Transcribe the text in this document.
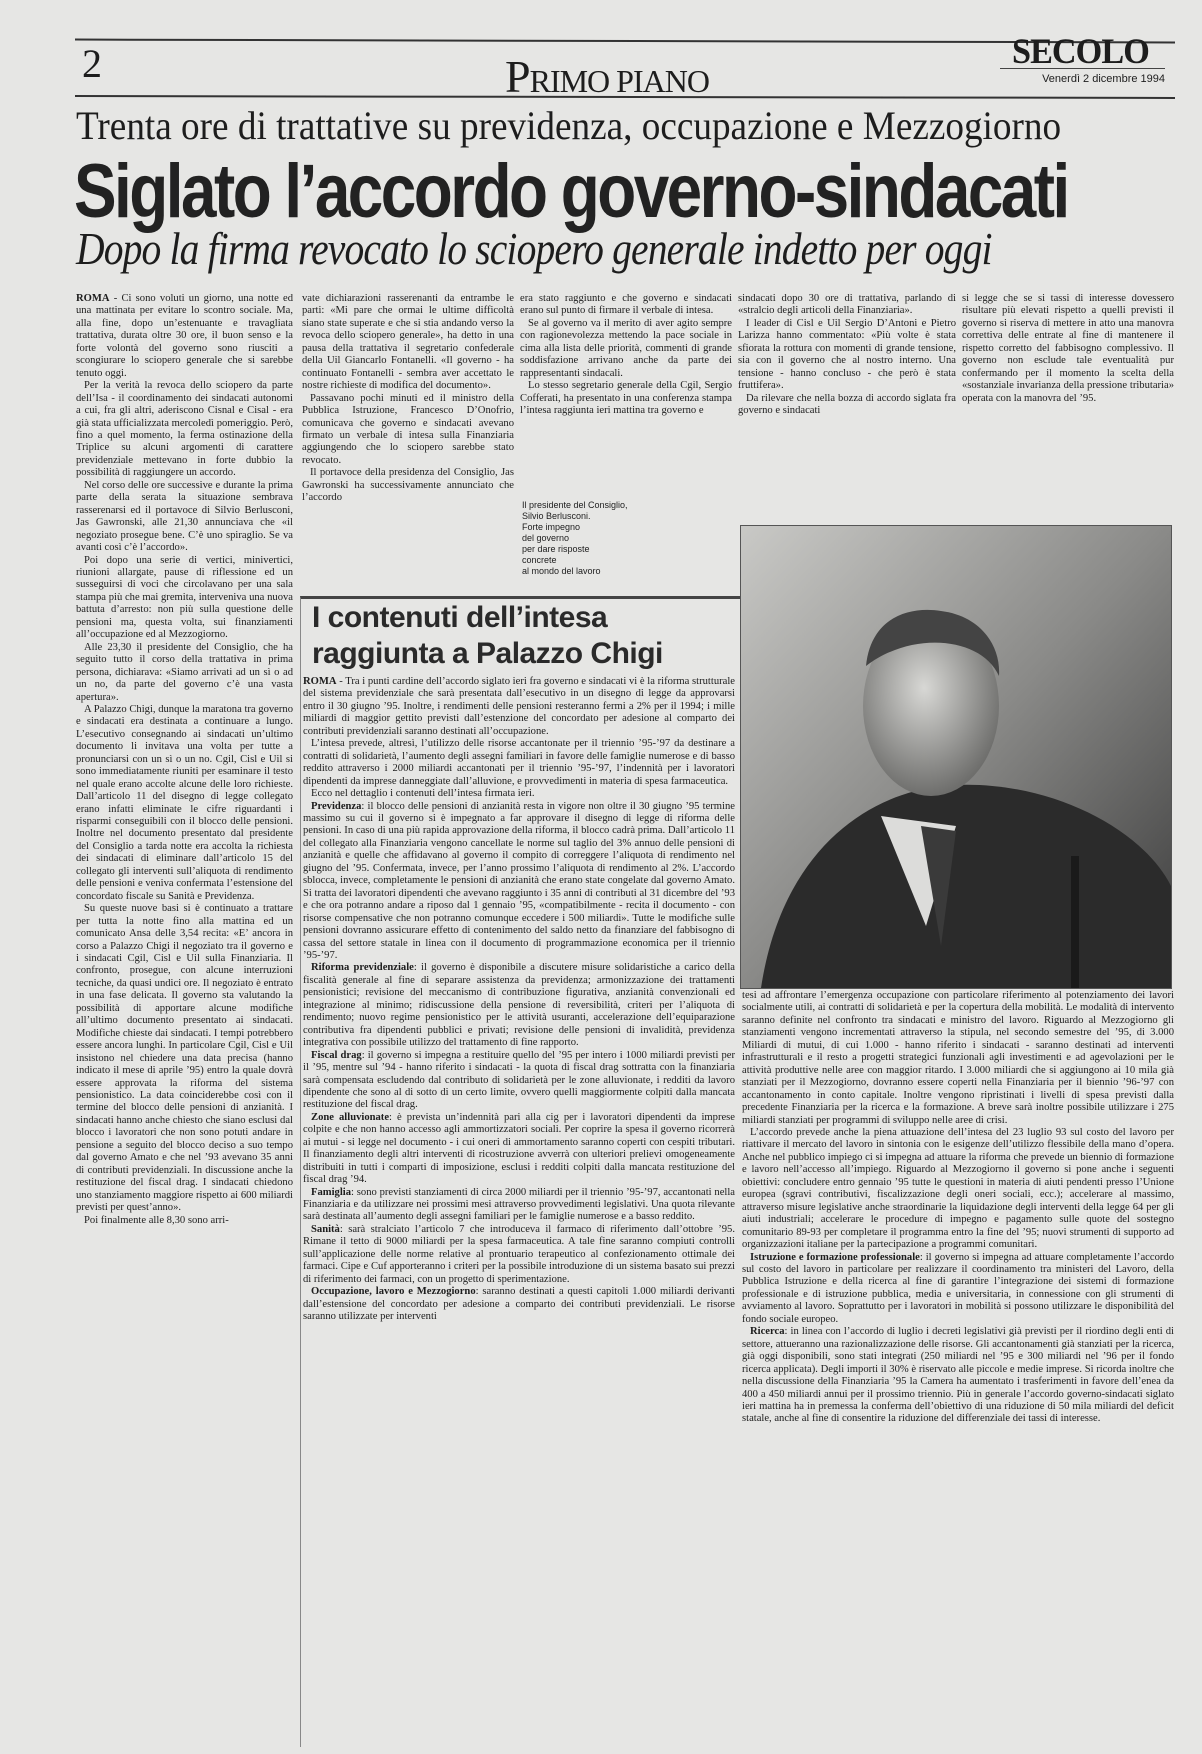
2	PRIMO PIANO
SECOLO
Venerdì 2 dicembre 1994
Trenta ore di trattative su previdenza, occupazione e Mezzogiorno
Siglato l’accordo governo-sindacati
Dopo la firma revocato lo sciopero generale indetto per oggi

ROMA - Ci sono voluti un giorno, una notte ed una mattinata per evitare lo scontro sociale. Ma, alla fine, dopo un’estenuante e travagliata trattativa, durata oltre 30 ore, il buon senso e la forte volontà del governo sono riusciti a scongiurare lo sciopero generale che si sarebbe tenuto oggi.

Per la verità la revoca dello sciopero da parte dell’Isa - il coordinamento dei sindacati autonomi a cui, fra gli altri, aderiscono Cisnal e Cisal - era già stata ufficializzata mercoledì pomeriggio. Però, fino a quel momento, la ferma ostinazione della Triplice su alcuni argomenti di carattere previdenziale mettevano in forte dubbio la possibilità di raggiungere un accordo.

Nel corso delle ore successive e durante la prima parte della serata la situazione sembrava rasserenarsi ed il portavoce di Silvio Berlusconi, Jas Gawronski, alle 21,30 annunciava che «il negoziato prosegue bene. C’è uno spiraglio. Se va avanti così c’è l’accordo».

Poi dopo una serie di vertici, minivertici, riunioni allargate, pause di riflessione ed un susseguirsi di voci che circolavano per una sala stampa più che mai gremita, interveniva una nuova battuta d’arresto: non più sulla questione delle pensioni ma, questa volta, sui finanziamenti all’occupazione ed al Mezzogiorno.

Alle 23,30 il presidente del Consiglio, che ha seguito tutto il corso della trattativa in prima persona, dichiarava: «Siamo arrivati ad un sì o ad un no, da parte del governo c’è una vasta apertura».

A Palazzo Chigi, dunque la maratona tra governo e sindacati era destinata a continuare a lungo. L’esecutivo consegnando ai sindacati un’ultimo documento li invitava una volta per tutte a pronunciarsi con un sì o un no. Cgil, Cisl e Uil si sono immediatamente riuniti per esaminare il testo nel quale erano accolte alcune delle loro richieste. Dall’articolo 11 del disegno di legge collegato erano infatti eliminate le cifre riguardanti i risparmi conseguibili con il blocco delle pensioni. Inoltre nel documento presentato dal presidente del Consiglio a tarda notte era accolta la richiesta dei sindacati di eliminare dall’articolo 15 del collegato gli interventi sull’aliquota di rendimento delle pensioni e veniva confermata l’estensione del concordato fiscale su Sanità e Previdenza.

Su queste nuove basi si è continuato a trattare per tutta la notte fino alla mattina ed un comunicato Ansa delle 3,54 recita: «E’ ancora in corso a Palazzo Chigi il negoziato tra il governo e i sindacati Cgil, Cisl e Uil sulla Finanziaria. Il confronto, prosegue, con alcune interruzioni tecniche, da quasi undici ore. Il negoziato è entrato in una fase delicata. Il governo sta valutando la possibilità di apportare alcune modifiche all’ultimo documento presentato ai sindacati. Modifiche chieste dai sindacati. I tempi potrebbero essere ancora lunghi. In particolare Cgil, Cisl e Uil insistono nel chiedere una data precisa (hanno indicato il mese di aprile ’95) entro la quale dovrà essere approvata la riforma del sistema pensionistico. La data coinciderebbe così con il termine del blocco delle pensioni di anzianità. I sindacati hanno anche chiesto che siano esclusi dal blocco i lavoratori che non sono potuti andare in pensione a seguito del blocco deciso a suo tempo dal governo Amato e che nel ’93 avevano 35 anni di contributi previdenziali. In discussione anche la restituzione del fiscal drag. I sindacati chiedono uno stanziamento maggiore rispetto ai 600 miliardi previsti per quest’anno».

Poi finalmente alle 8,30 sono arri-

vate dichiarazioni rasserenanti da entrambe le parti: «Mi pare che ormai le ultime difficoltà siano state superate e che si stia andando verso la revoca dello sciopero generale», ha detto in una pausa della trattativa il segretario confederale della Uil Giancarlo Fontanelli. «Il governo - ha continuato Fontanelli - sembra aver accettato le nostre richieste di modifica del documento».

Passavano pochi minuti ed il ministro della Pubblica Istruzione, Francesco D’Onofrio, comunicava che governo e sindacati avevano firmato un verbale di intesa sulla Finanziaria aggiungendo che lo sciopero sarebbe stato revocato.

Il portavoce della presidenza del Consiglio, Jas Gawronski ha successivamente annunciato che l’accordo

era stato raggiunto e che governo e sindacati erano sul punto di firmare il verbale di intesa.

Se al governo va il merito di aver agito sempre con ragionevolezza mettendo la pace sociale in cima alla lista delle priorità, commenti di grande soddisfazione arrivano anche da parte dei rappresentanti sindacali.

Lo stesso segretario generale della Cgil, Sergio Cofferati, ha presentato in una conferenza stampa l’intesa raggiunta ieri mattina tra governo e

sindacati dopo 30 ore di trattativa, parlando di «stralcio degli articoli della Finanziaria».

I leader di Cisl e Uil Sergio D’Antoni e Pietro Larizza hanno commentato: «Più volte è stata sfiorata la rottura con momenti di grande tensione, sia con il governo che al nostro interno. Una tensione - hanno concluso - che però è stata fruttifera».

Da rilevare che nella bozza di accordo siglata fra governo e sindacati

si legge che se si tassi di interesse dovessero risultare più elevati rispetto a quelli previsti il governo si riserva di mettere in atto una manovra correttiva delle entrate al fine di mantenere il rispetto corretto del fabbisogno complessivo. Il governo non esclude tale eventualità pur confermando per il momento la scelta della «sostanziale invarianza della pressione tributaria» operata con la manovra del ’95.

Il presidente del Consiglio,
Silvio Berlusconi.
Forte impegno
del governo
per dare risposte
concrete
al mondo del lavoro
I contenuti dell’intesa
raggiunta a Palazzo Chigi

ROMA - Tra i punti cardine dell’accordo siglato ieri fra governo e sindacati vi è la riforma strutturale del sistema previdenziale che sarà presentata dall’esecutivo in un disegno di legge da approvarsi entro il 30 giugno ’95. Inoltre, i rendimenti delle pensioni resteranno fermi a 2% per il 1994; i mille miliardi di maggior gettito previsti dall’estenzione del concordato per adesione al comparto dei contributi previdenziali saranno destinati all’occupazione.

L’intesa prevede, altresì, l’utilizzo delle risorse accantonate per il triennio ’95-’97 da destinare a contratti di solidarietà, l’aumento degli assegni familiari in favore delle famiglie numerose e di basso reddito attraverso i 2000 miliardi accantonati per il triennio ’95-’97, l’indennità per i lavoratori dipendenti da imprese danneggiate dall’alluvione, e provvedimenti in materia di spesa farmaceutica.

Ecco nel dettaglio i contenuti dell’intesa firmata ieri.

Previdenza: il blocco delle pensioni di anzianità resta in vigore non oltre il 30 giugno ’95 termine massimo su cui il governo si è impegnato a far approvare il disegno di legge di riforma delle pensioni. In caso di una più rapida approvazione della riforma, il blocco cadrà prima. Dall’articolo 11 del collegato alla Finanziaria vengono cancellate le norme sul taglio del 3% annuo delle pensioni di anzianità e quelle che affidavano al governo il compito di correggere l’aliquota di rendimento nel giugno del ’95. Confermata, invece, per l’anno prossimo l’aliquota di rendimento al 2%. L’accordo sblocca, invece, completamente le pensioni di anzianità che erano state congelate dal governo Amato. Si tratta dei lavoratori dipendenti che avevano raggiunto i 35 anni di contributi al 31 dicembre del ’93 e che ora potranno andare a riposo dal 1 gennaio ’95, «compatibilmente - recita il documento - con risorse compensative che non potranno comunque eccedere i 500 miliardi». Tutte le modifiche sulle pensioni dovranno assicurare effetto di contenimento del saldo netto da finanziare del fabbisogno di cassa del settore statale in linea con il documento di programmazione economica per il triennio ’95-’97.

Riforma previdenziale: il governo è disponibile a discutere misure solidaristiche a carico della fiscalità generale al fine di separare assistenza da previdenza; armonizzazione dei trattamenti pensionistici; revisione del meccanismo di contribuzione figurativa, anzianità convenzionali ed integrazione al minimo; ridiscussione della pensione di reversibilità, criteri per l’aliquota di rendimento; nuovo regime pensionistico per le attività usuranti, accelerazione dell’equiparazione contributiva fra dipendenti pubblici e privati; revisione delle pensioni di invalidità, previdenza integrativa con possibile utilizzo del trattamento di fine rapporto.

Fiscal drag: il governo si impegna a restituire quello del ’95 per intero i 1000 miliardi previsti per il ’95, mentre sul ’94 - hanno riferito i sindacati - la quota di fiscal drag sottratta con la finanziaria sarà compensata escludendo dal contributo di solidarietà per le zone alluvionate, i redditi da lavoro dipendente che sono al di sotto di un certo limite, ovvero quelli maggiormente colpiti dalla mancata restituzione del fiscal drag.

Zone alluvionate: è prevista un’indennità pari alla cig per i lavoratori dipendenti da imprese colpite e che non hanno accesso agli ammortizzatori sociali. Per coprire la spesa il governo ricorrerà ai mutui - si legge nel documento - i cui oneri di ammortamento saranno coperti con cespiti tributari. Il finanziamento degli altri interventi di ricostruzione avverrà con ulteriori prelievi omogeneamente distribuiti in tutti i comparti di imposizione, esclusi i redditi colpiti dalla mancata restituzione del fiscal drag ’94.

Famiglia: sono previsti stanziamenti di circa 2000 miliardi per il triennio ’95-’97, accantonati nella Finanziaria e da utilizzare nei prossimi mesi attraverso provvedimenti legislativi. Una quota rilevante sarà destinata all’aumento degli assegni familiari per le famiglie numerose e a basso reddito.

Sanità: sarà stralciato l’articolo 7 che introduceva il farmaco di riferimento dall’ottobre ’95. Rimane il tetto di 9000 miliardi per la spesa farmaceutica. A tale fine saranno compiuti controlli sull’applicazione delle norme relative al prontuario terapeutico al confezionamento ottimale dei farmaci. Cipe e Cuf apporteranno i criteri per la possibile introduzione di un sistema basato sui prezzi di riferimento dei farmaci, con un progetto di sperimentazione.

Occupazione, lavoro e Mezzogiorno: saranno destinati a questi capitoli 1.000 miliardi derivanti dall’estensione del concordato per adesione a comparto dei contributi previdenziali. Le risorse saranno utilizzate per interventi

tesi ad affrontare l’emergenza occupazione con particolare riferimento al potenziamento dei lavori socialmente utili, ai contratti di solidarietà e per la copertura della mobilità. Le modalità di intervento saranno definite nel confronto tra sindacati e ministro del lavoro. Riguardo al Mezzogiorno gli stanziamenti vengono incrementati attraverso la stipula, nel secondo semestre del ’95, di 3.000 Miliardi di mutui, di cui 1.000 - hanno riferito i sindacati - saranno destinati ad interventi infrastrutturali e il resto a progetti strategici funzionali agli investimenti e ad agevolazioni per le attività produttive nelle aree con maggior ritardo. I 3.000 miliardi che si aggiungono ai 10 mila già stanziati per il Mezzogiorno, dovranno essere coperti nella Finanziaria per il biennio ’96-’97 con accantonamento in conto capitale. Inoltre vengono ripristinati i livelli di spesa previsti dalla precedente Finanziaria per la ricerca e la formazione. A breve sarà inoltre possibile utilizzare i 275 miliardi stanziati per programmi di sviluppo nelle aree di crisi.

L’accordo prevede anche la piena attuazione dell’intesa del 23 luglio 93 sul costo del lavoro per riattivare il mercato del lavoro in sintonia con le esigenze dell’utilizzo flessibile della mano d’opera. Anche nel pubblico impiego ci si impegna ad attuare la riforma che prevede un biennio di formazione e lavoro nell’accesso all’impiego. Riguardo al Mezzogiorno il governo si pone anche i seguenti obiettivi: concludere entro gennaio ’95 tutte le questioni in materia di aiuti pendenti presso l’Unione europea (sgravi contributivi, fiscalizzazione degli oneri sociali, ecc.); accelerare al massimo, attraverso misure legislative anche straordinarie la liquidazione degli interventi della legge 64 per gli aiuti industriali; accelerare le procedure di impegno e pagamento sulle quote del sostegno comunitario 89-93 per completare il programma entro la fine del ’95; nuovi strumenti di supporto ad organizzazioni italiane per la partecipazione a programmi comunitari.

Istruzione e formazione professionale: il governo si impegna ad attuare completamente l’accordo sul costo del lavoro in particolare per realizzare il coordinamento tra ministeri del Lavoro, della Pubblica Istruzione e della ricerca al fine di garantire l’integrazione dei sistemi di formazione professionale e di istruzione pubblica, media e universitaria, in connessione con gli strumenti di avviamento al lavoro. Soprattutto per i lavoratori in mobilità si possono utilizzare le disponibilità del fondo sociale europeo.

Ricerca: in linea con l’accordo di luglio i decreti legislativi già previsti per il riordino degli enti di settore, attueranno una razionalizzazione delle risorse. Gli accantonamenti già stanziati per la ricerca, già oggi disponibili, sono stati integrati (250 miliardi nel ’95 e 300 miliardi nel ’96 per il fondo ricerca applicata). Degli importi il 30% è riservato alle piccole e medie imprese. Si ricorda inoltre che nella discussione della Finanziaria ’95 la Camera ha aumentato i trasferimenti in favore dell’enea da 400 a 450 miliardi annui per il prossimo triennio. Più in generale l’accordo governo-sindacati siglato ieri mattina ha in premessa la conferma dell’obiettivo di una riduzione di 50 mila miliardi del deficit statale, anche al fine di consentire la riduzione del differenziale dei tassi di interesse.
